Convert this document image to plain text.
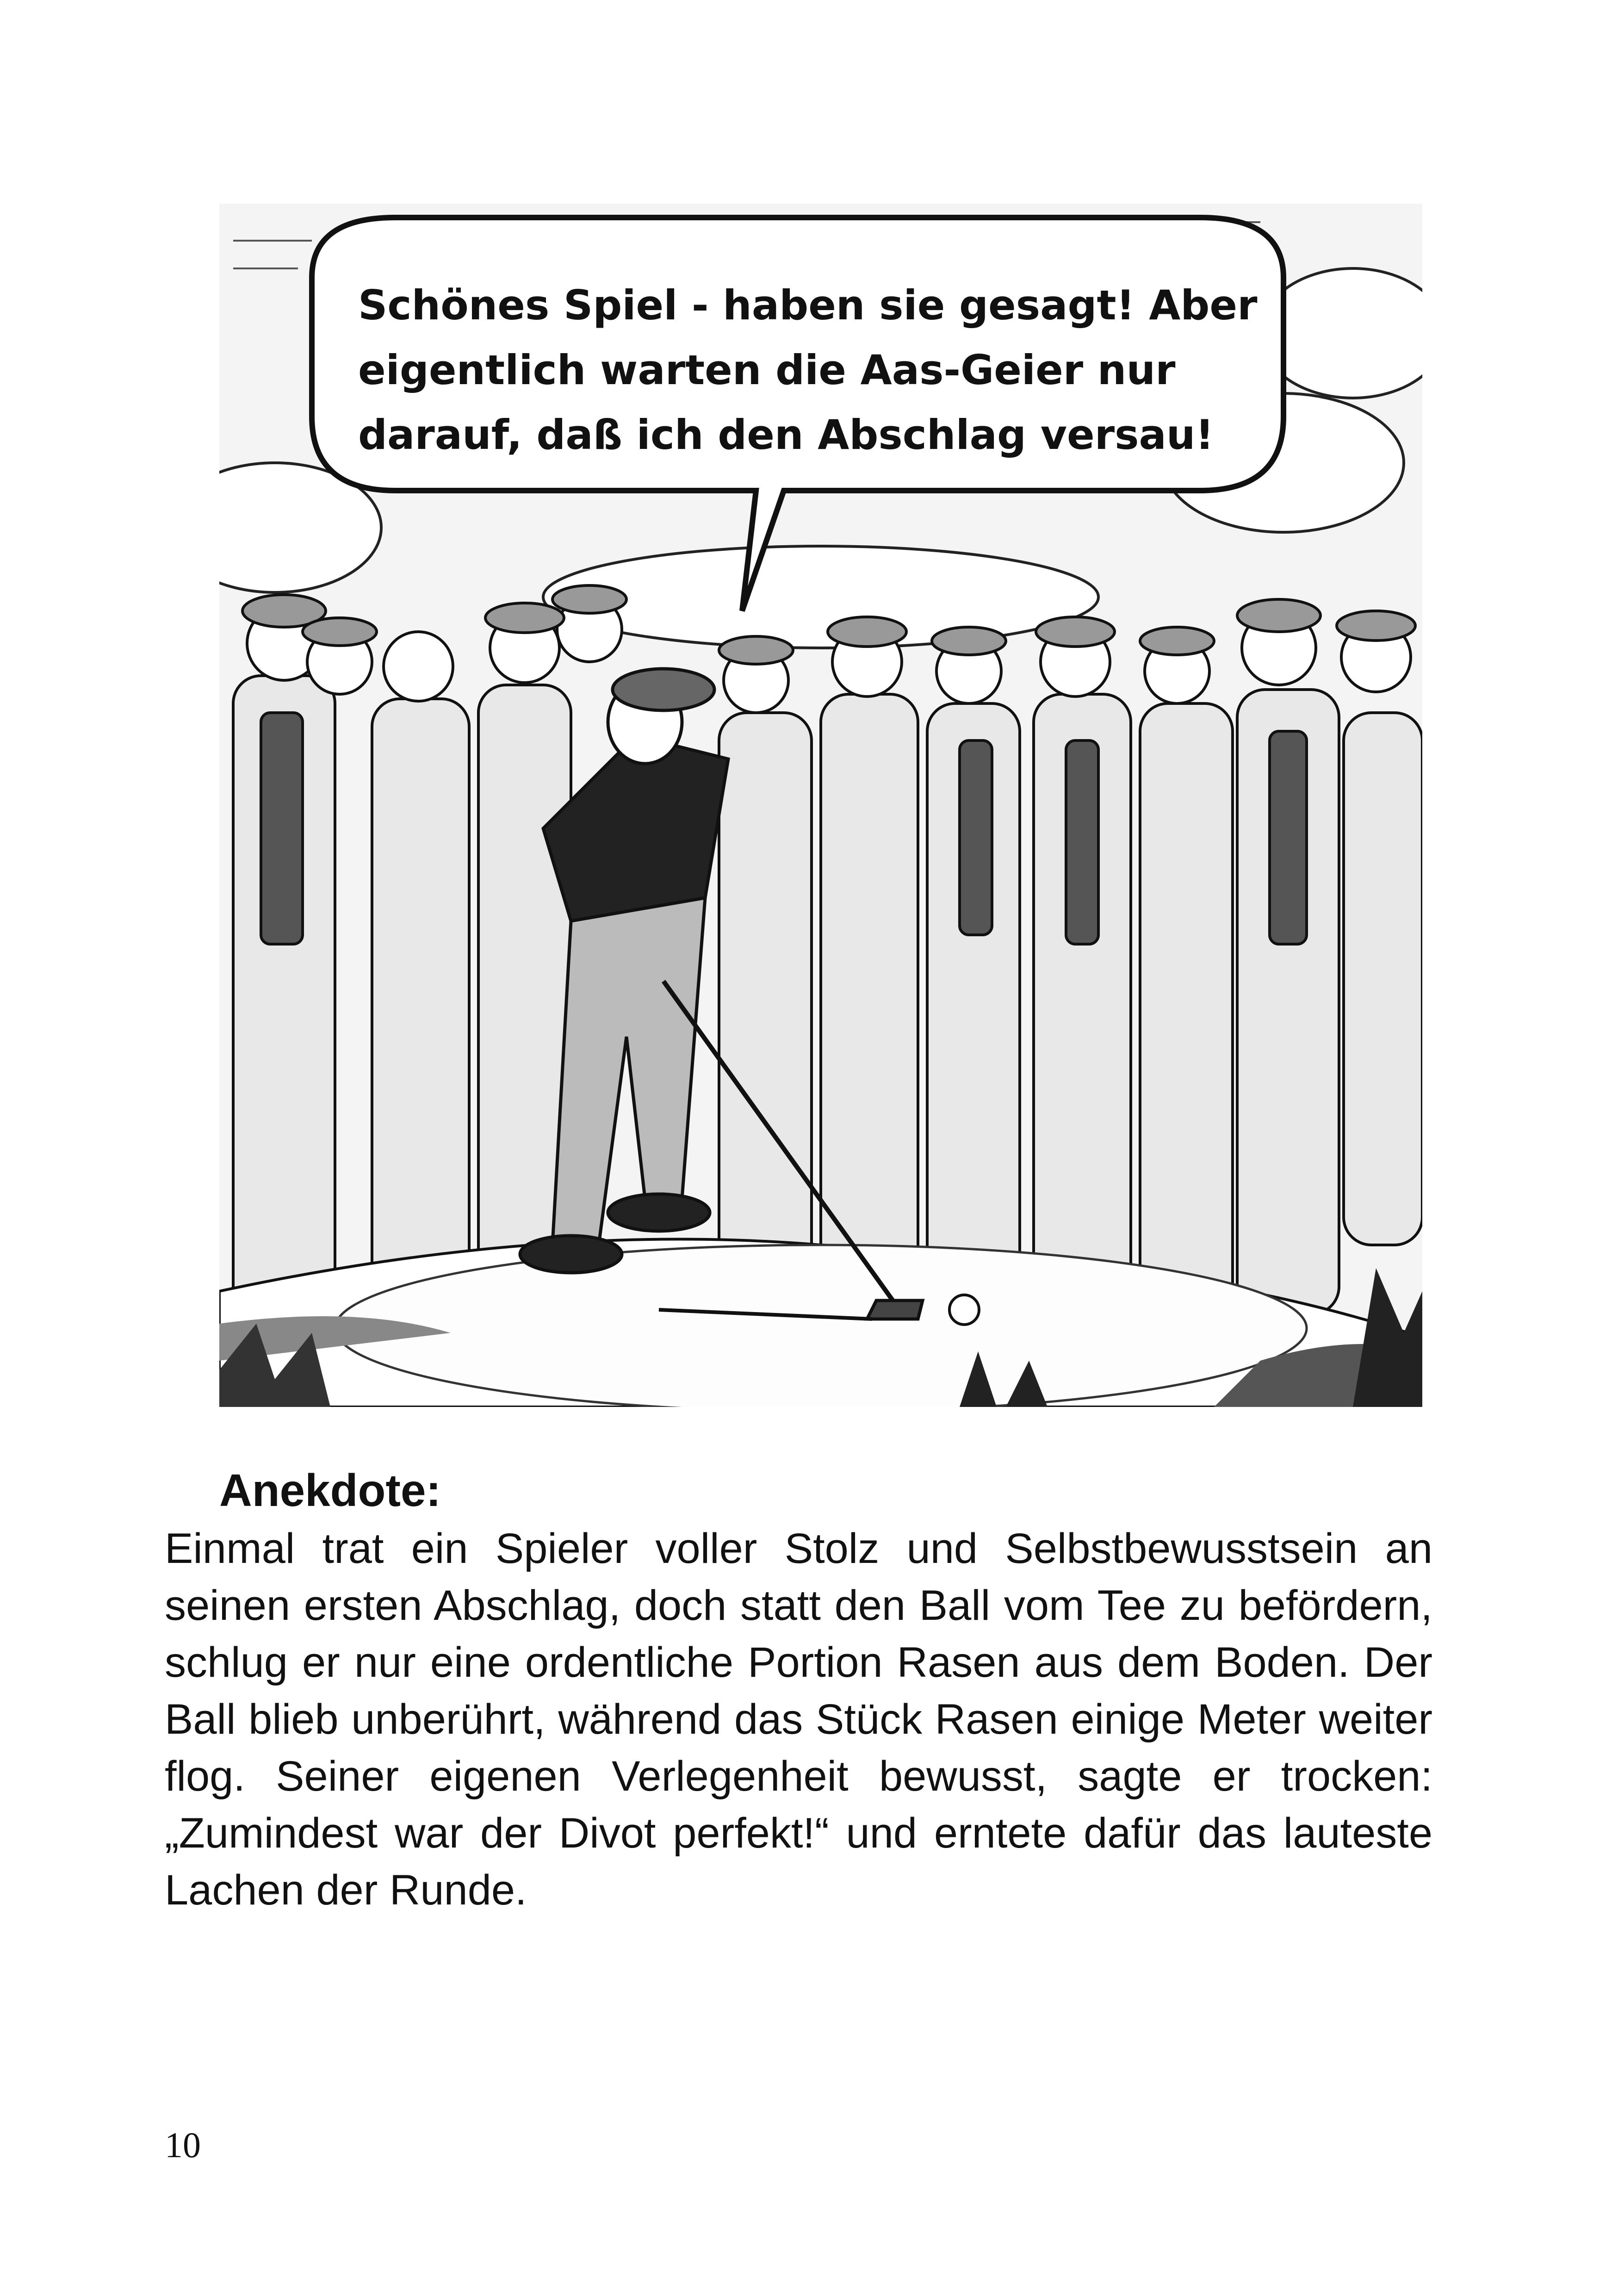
Schönes Spiel - haben sie gesagt! Aber
eigentlich warten die Aas-Geier nur
darauf, daß ich den Abschlag versau!
Anekdote:

Einmal trat ein Spieler voller Stolz und Selbstbewusstsein an seinen ersten Abschlag, doch statt den Ball vom Tee zu befördern, schlug er nur eine ordentliche Portion Rasen aus dem Boden. Der Ball blieb unberührt, während das Stück Rasen einige Meter weiter flog. Seiner eigenen Verlegenheit bewusst, sagte er trocken: „Zumindest war der Divot perfekt!“ und erntete dafür das lauteste Lachen der Runde.

10
